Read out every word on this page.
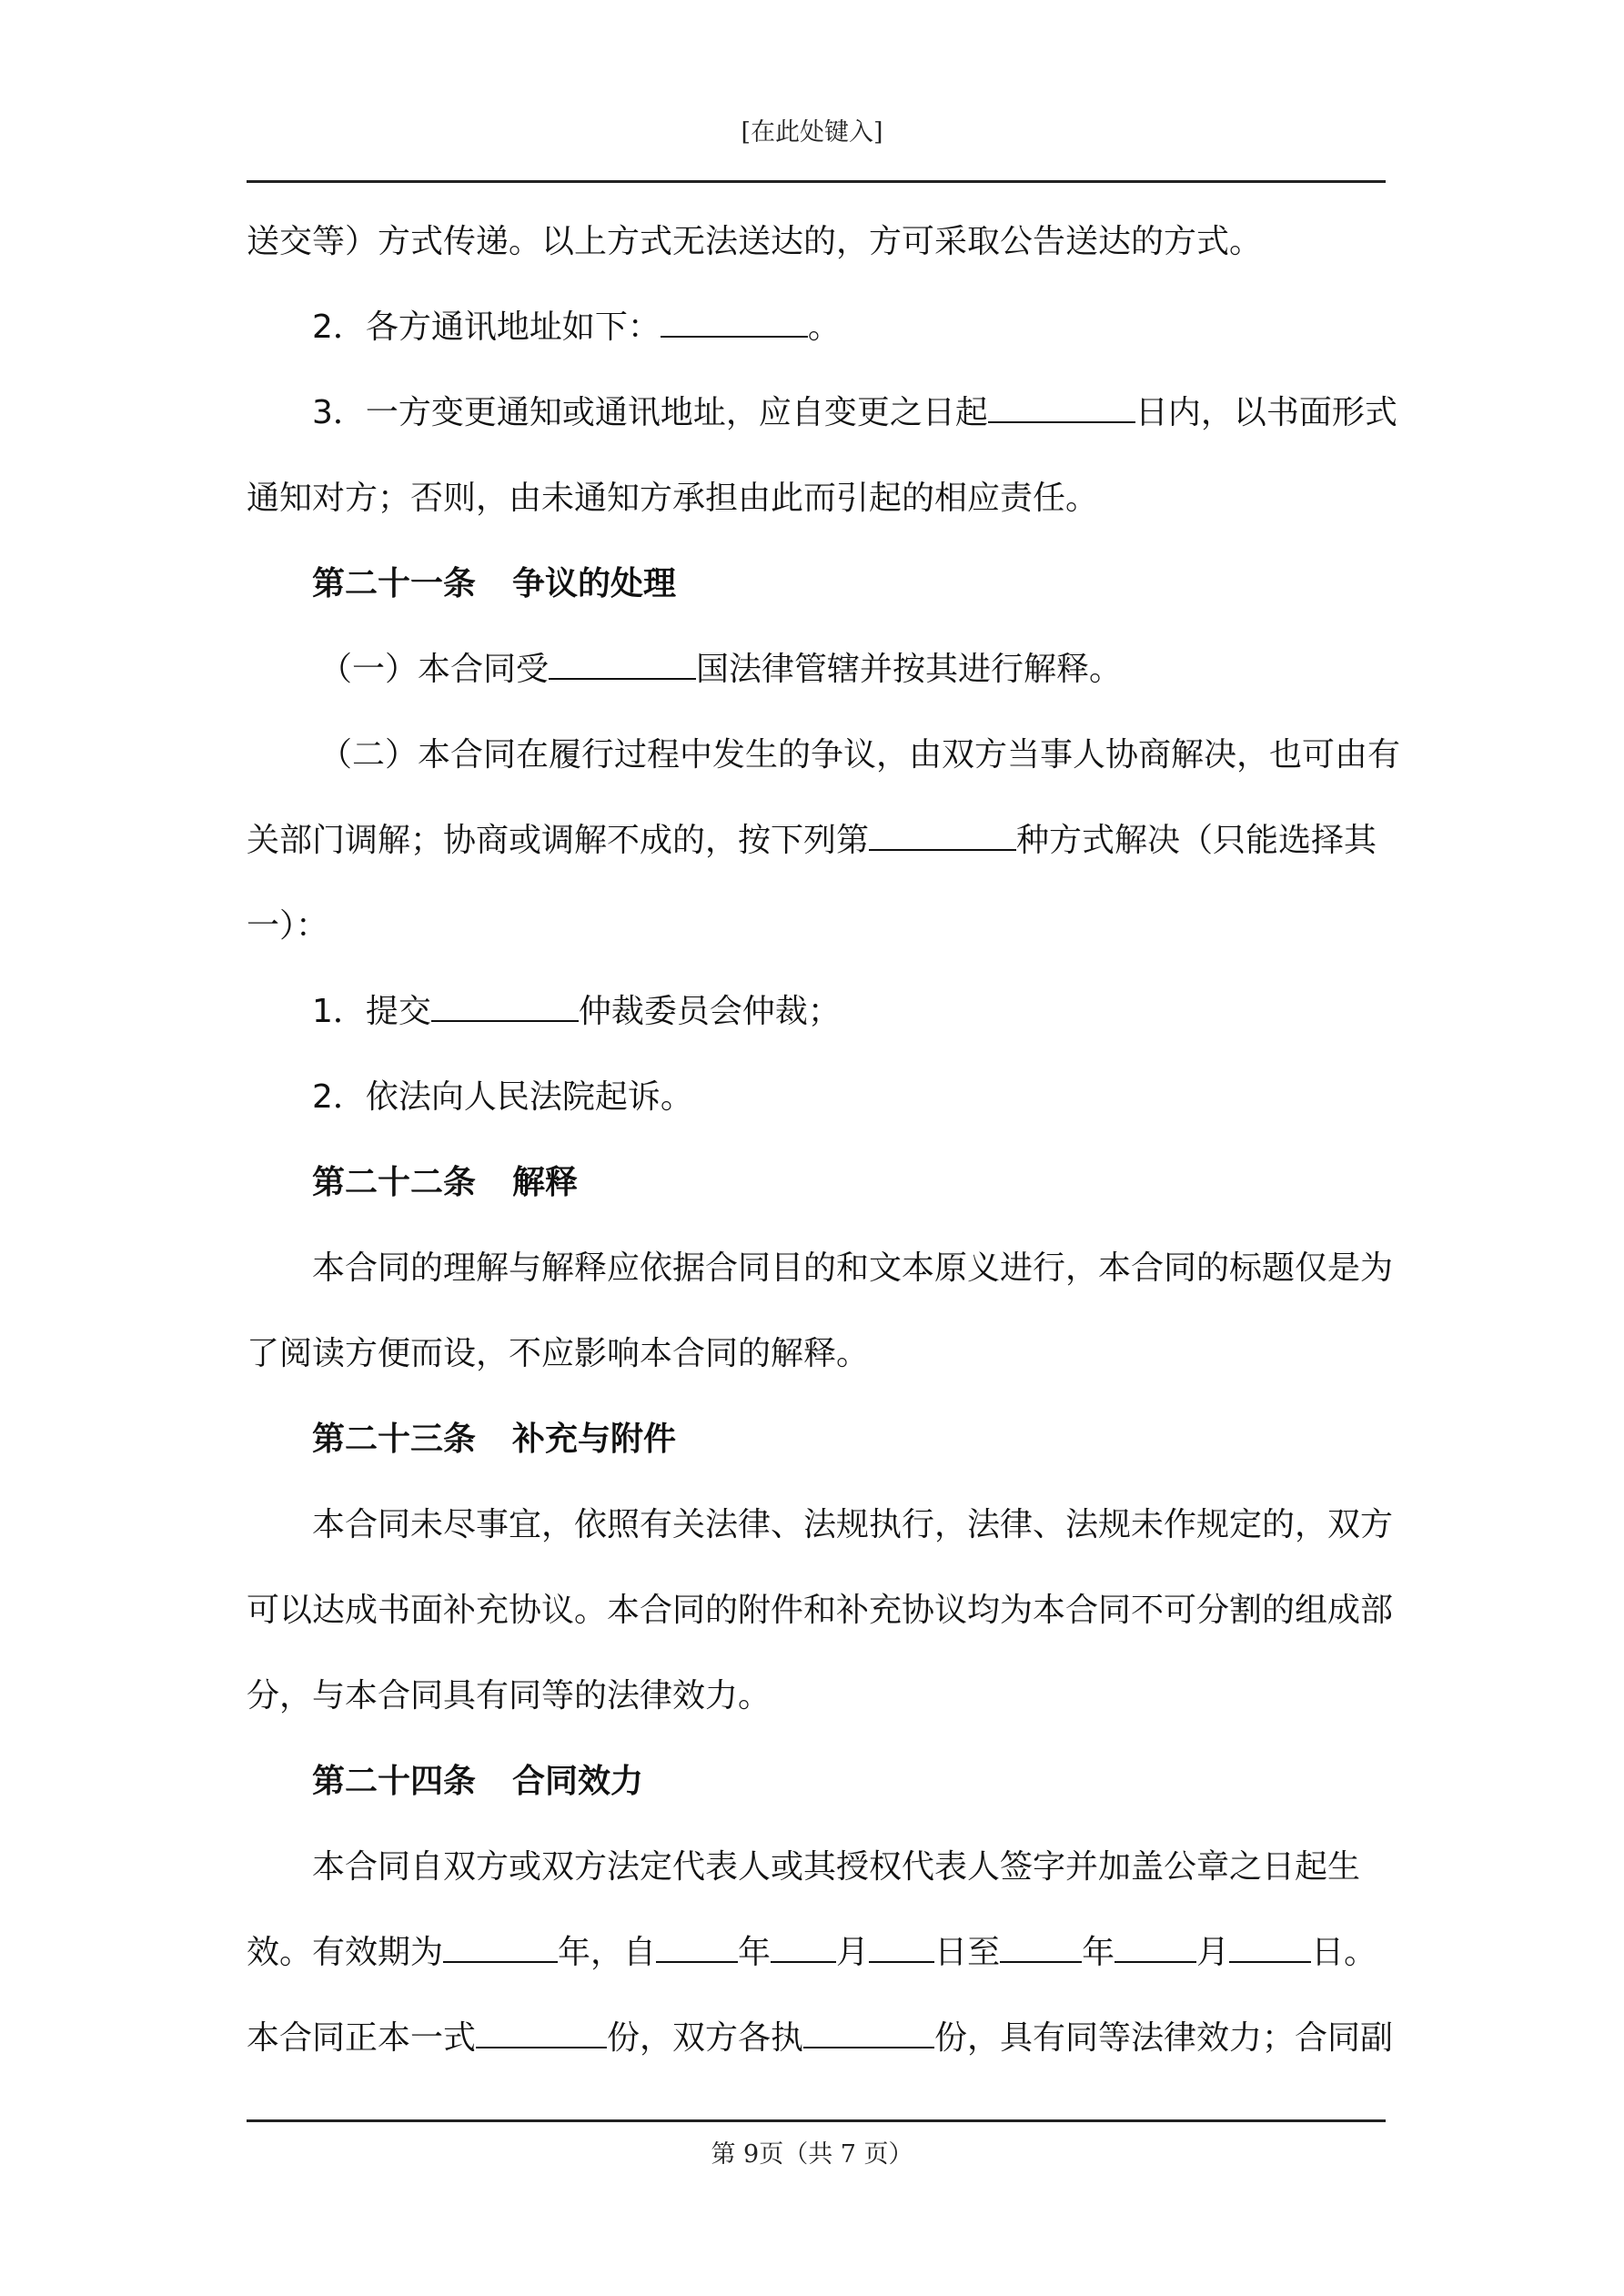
[在此处键入]

送交等）方式传递。以上方式无法送达的，方可采取公告送达的方式。

2．各方通讯地址如下：	。

3．一方变更通知或通讯地址，应自变更之日起	日内，以书面形式

通知对方；否则，由未通知方承担由此而引起的相应责任。

第二十一条 争议的处理

（一）本合同受	国法律管辖并按其进行解释。

（二）本合同在履行过程中发生的争议，由双方当事人协商解决，也可由有

关部门调解；协商或调解不成的，按下列第	种方式解决（只能选择其

一）：

1．提交	仲裁委员会仲裁；

2．依法向人民法院起诉。

第二十二条 解释

本合同的理解与解释应依据合同目的和文本原义进行，本合同的标题仅是为

了阅读方便而设，不应影响本合同的解释。

第二十三条 补充与附件

本合同未尽事宜，依照有关法律、法规执行，法律、法规未作规定的，双方

可以达成书面补充协议。本合同的附件和补充协议均为本合同不可分割的组成部

分，与本合同具有同等的法律效力。

第二十四条 合同效力

本合同自双方或双方法定代表人或其授权代表人签字并加盖公章之日起生

效。有效期为	年，自	年 月 日至	年	月	日。

本合同正本一式	份，双方各执	份，具有同等法律效力；合同副

第 9页（共 7 页）
